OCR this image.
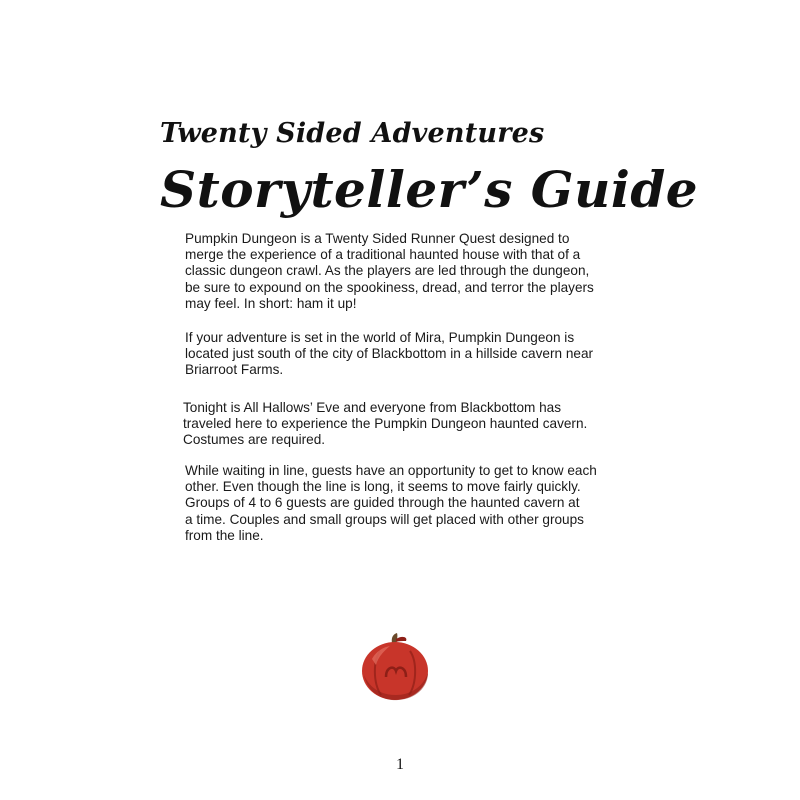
Twenty Sided Adventures
Storyteller’s Guide
Pumpkin Dungeon is a Twenty Sided Runner Quest designed to
merge the experience of a traditional haunted house with that of a
classic dungeon crawl. As the players are led through the dungeon,
be sure to expound on the spookiness, dread, and terror the players
may feel. In short: ham it up!
If your adventure is set in the world of Mira, Pumpkin Dungeon is
located just south of the city of Blackbottom in a hillside cavern near
Briarroot Farms.
Tonight is All Hallows’ Eve and everyone from Blackbottom has
traveled here to experience the Pumpkin Dungeon haunted cavern.
Costumes are required.
While waiting in line, guests have an opportunity to get to know each
other. Even though the line is long, it seems to move fairly quickly.
Groups of 4 to 6 guests are guided through the haunted cavern at
a time. Couples and small groups will get placed with other groups
from the line.
1
